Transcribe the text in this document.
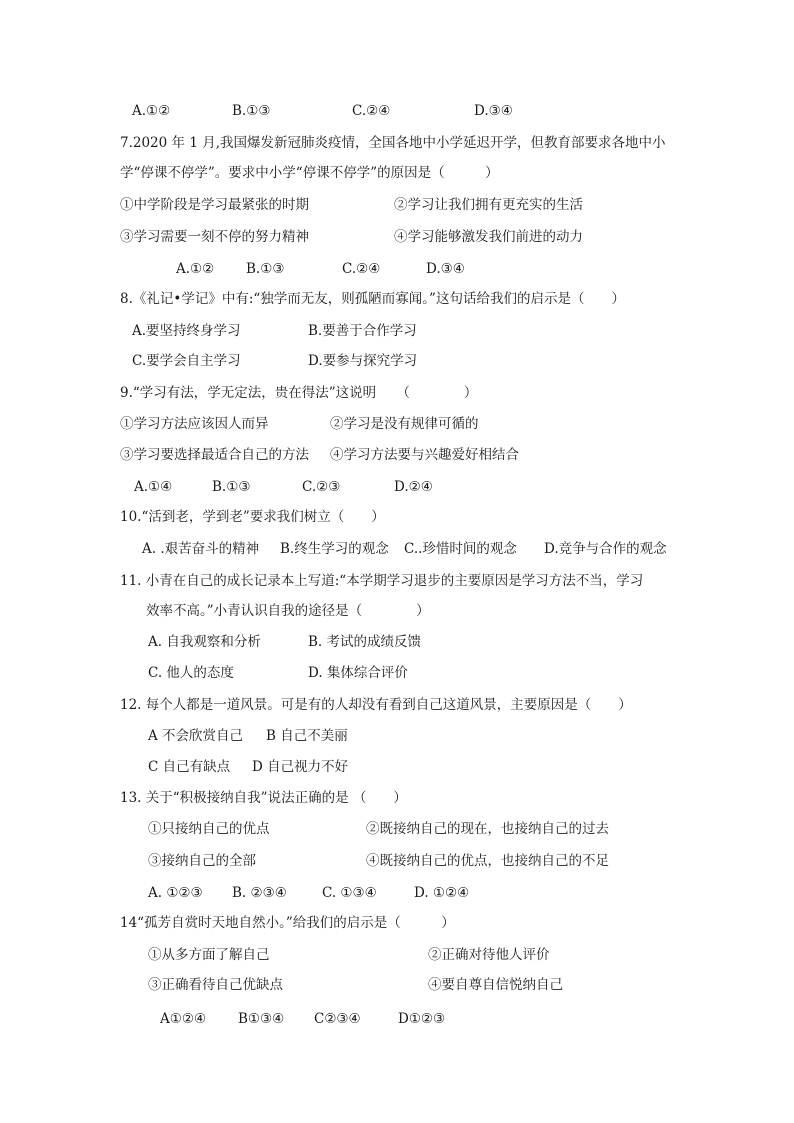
A.①②	B.①③	C.②④	D.③④
7.2020 年 1 月,我国爆发新冠肺炎疫情，全国各地中小学延迟开学，但教育部要求各地中小
学“停课不停学”。要求中小学“停课不停学”的原因是（　　　）
①中学阶段是学习最紧张的时期	②学习让我们拥有更充实的生活
③学习需要一刻不停的努力精神	④学习能够激发我们前进的动力
A.①② B.①③	C.②④	D.③④
8.《礼记•学记》中有:“独学而无友，则孤陋而寡闻。”这句话给我们的启示是（　　）
A.要坚持终身学习	B.要善于合作学习
C.要学会自主学习	D.要参与探究学习
9.“学习有法，学无定法，贵在得法”这说明　　（　　　　）
①学习方法应该因人而异	②学习是没有规律可循的
③学习要选择最适合自己的方法 ④学习方法要与兴趣爱好相结合
A.①④	B.①③	C.②③	D.②④
10.“活到老，学到老”要求我们树立（　　）
A. .艰苦奋斗的精神 B.终生学习的观念 C..珍惜时间的观念 D.竞争与合作的观念
11. 小青在自己的成长记录本上写道:“本学期学习退步的主要原因是学习方法不当，学习
效率不高。”小青认识自我的途径是（　　　　）
A. 自我观察和分析	B. 考试的成绩反馈
C. 他人的态度	D. 集体综合评价
12. 每个人都是一道风景。可是有的人却没有看到自己这道风景，主要原因是（　　）
A 不会欣赏自己 B 自己不美丽
C 自己有缺点 D 自己视力不好
13. 关于“积极接纳自我”说法正确的是 （　　）
①只接纳自己的优点	②既接纳自己的现在，也接纳自己的过去
③接纳自己的全部	④既接纳自己的优点，也接纳自己的不足
A. ①②③ B. ②③④	C. ①③④	D. ①②④
14“孤芳自赏时天地自然小。”给我们的启示是（　　　）
①从多方面了解自己	②正确对待他人评价
③正确看待自己优缺点	④要自尊自信悦纳自己
A①②④ B①③④ C②③④	D①②③
